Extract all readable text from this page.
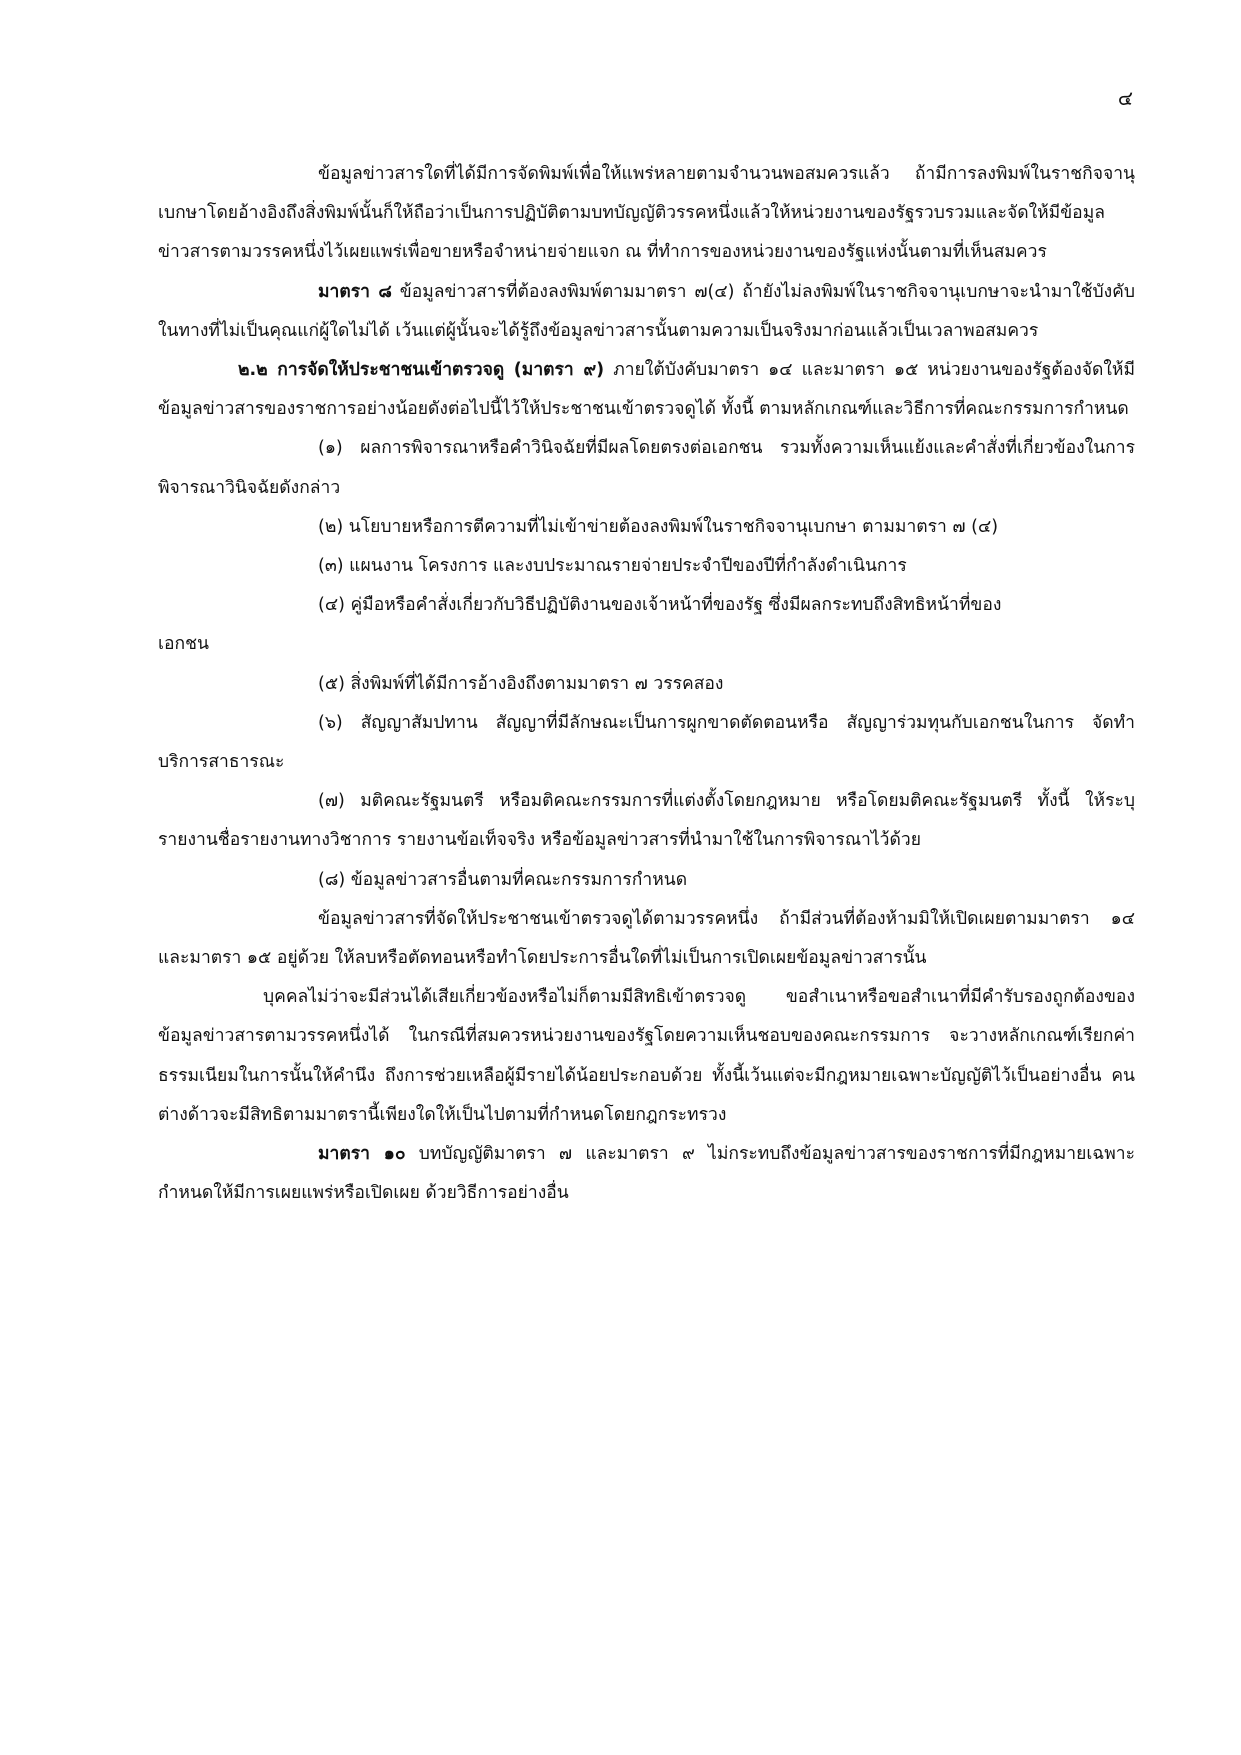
๔

ข้อมูลข่าวสารใดที่ได้มีการจัดพิมพ์เพื่อให้แพร่หลายตามจำนวนพอสมควรแล้ว ถ้ามีการลงพิมพ์ในราชกิจจานุเบกษาโดยอ้างอิงถึงสิ่งพิมพ์นั้นก็ให้ถือว่าเป็นการปฏิบัติตามบทบัญญัติวรรคหนึ่งแล้วให้หน่วยงานของรัฐรวบรวมและจัดให้มีข้อมูลข่าวสารตามวรรคหนึ่งไว้เผยแพร่เพื่อขายหรือจำหน่ายจ่ายแจก ณ ที่ทำการของหน่วยงานของรัฐแห่งนั้นตามที่เห็นสมควร

มาตรา ๘ ข้อมูลข่าวสารที่ต้องลงพิมพ์ตามมาตรา ๗(๔) ถ้ายังไม่ลงพิมพ์ในราชกิจจานุเบกษาจะนำมาใช้บังคับในทางที่ไม่เป็นคุณแก่ผู้ใดไม่ได้ เว้นแต่ผู้นั้นจะได้รู้ถึงข้อมูลข่าวสารนั้นตามความเป็นจริงมาก่อนแล้วเป็นเวลาพอสมควร

๒.๒ การจัดให้ประชาชนเข้าตรวจดู (มาตรา ๙) ภายใต้บังคับมาตรา ๑๔ และมาตรา ๑๕ หน่วยงานของรัฐต้องจัดให้มีข้อมูลข่าวสารของราชการอย่างน้อยดังต่อไปนี้ไว้ให้ประชาชนเข้าตรวจดูได้ ทั้งนี้ ตามหลักเกณฑ์และวิธีการที่คณะกรรมการกำหนด

(๑) ผลการพิจารณาหรือคำวินิจฉัยที่มีผลโดยตรงต่อเอกชน รวมทั้งความเห็นแย้งและคำสั่งที่เกี่ยวข้องในการพิจารณาวินิจฉัยดังกล่าว

(๒) นโยบายหรือการตีความที่ไม่เข้าข่ายต้องลงพิมพ์ในราชกิจจานุเบกษา ตามมาตรา ๗ (๔)

(๓) แผนงาน โครงการ และงบประมาณรายจ่ายประจำปีของปีที่กำลังดำเนินการ

(๔) คู่มือหรือคำสั่งเกี่ยวกับวิธีปฏิบัติงานของเจ้าหน้าที่ของรัฐ ซึ่งมีผลกระทบถึงสิทธิหน้าที่ของ

เอกชน

(๕) สิ่งพิมพ์ที่ได้มีการอ้างอิงถึงตามมาตรา ๗ วรรคสอง

(๖) สัญญาสัมปทาน สัญญาที่มีลักษณะเป็นการผูกขาดตัดตอนหรือ สัญญาร่วมทุนกับเอกชนในการ จัดทำบริการสาธารณะ

(๗) มติคณะรัฐมนตรี หรือมติคณะกรรมการที่แต่งตั้งโดยกฎหมาย หรือโดยมติคณะรัฐมนตรี ทั้งนี้ ให้ระบุรายงานชื่อรายงานทางวิชาการ รายงานข้อเท็จจริง หรือข้อมูลข่าวสารที่นำมาใช้ในการพิจารณาไว้ด้วย

(๘) ข้อมูลข่าวสารอื่นตามที่คณะกรรมการกำหนด

ข้อมูลข่าวสารที่จัดให้ประชาชนเข้าตรวจดูได้ตามวรรคหนึ่ง ถ้ามีส่วนที่ต้องห้ามมิให้เปิดเผยตามมาตรา ๑๔ และมาตรา ๑๕ อยู่ด้วย ให้ลบหรือตัดทอนหรือทำโดยประการอื่นใดที่ไม่เป็นการเปิดเผยข้อมูลข่าวสารนั้น

บุคคลไม่ว่าจะมีส่วนได้เสียเกี่ยวข้องหรือไม่ก็ตามมีสิทธิเข้าตรวจดู ขอสำเนาหรือขอสำเนาที่มีคำรับรองถูกต้องของข้อมูลข่าวสารตามวรรคหนึ่งได้ ในกรณีที่สมควรหน่วยงานของรัฐโดยความเห็นชอบของคณะกรรมการ จะวางหลักเกณฑ์เรียกค่าธรรมเนียมในการนั้นให้คำนึง ถึงการช่วยเหลือผู้มีรายได้น้อยประกอบด้วย ทั้งนี้เว้นแต่จะมีกฎหมายเฉพาะบัญญัติไว้เป็นอย่างอื่น คนต่างด้าวจะมีสิทธิตามมาตรานี้เพียงใดให้เป็นไปตามที่กำหนดโดยกฎกระทรวง

มาตรา ๑๐ บทบัญญัติมาตรา ๗ และมาตรา ๙ ไม่กระทบถึงข้อมูลข่าวสารของราชการที่มีกฎหมายเฉพาะกำหนดให้มีการเผยแพร่หรือเปิดเผย ด้วยวิธีการอย่างอื่น
